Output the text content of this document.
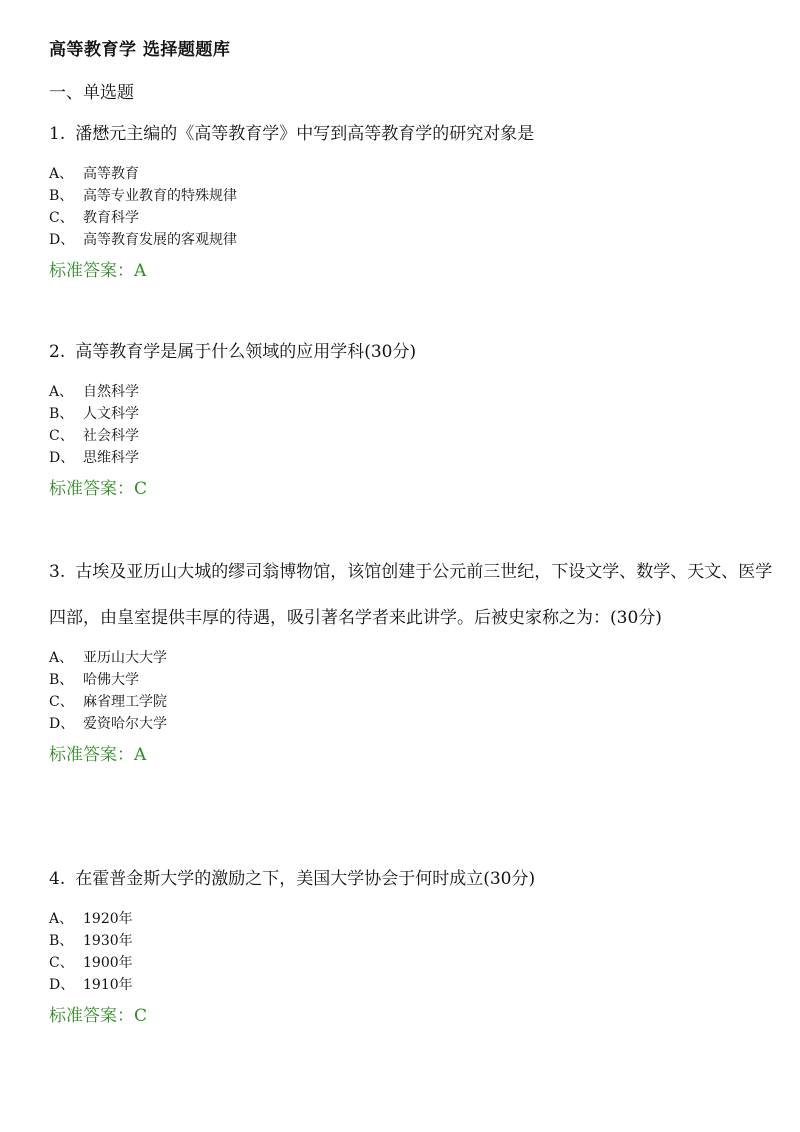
高等教育学 选择题题库
一、单选题

1. 潘懋元主编的《高等教育学》中写到高等教育学的研究对象是

A、 高等教育
B、 高等专业教育的特殊规律
C、 教育科学
D、 高等教育发展的客观规律
标准答案：A

2. 高等教育学是属于什么领域的应用学科(30分)

A、 自然科学
B、 人文科学
C、 社会科学
D、 思维科学
标准答案：C

3. 古埃及亚历山大城的缪司翁博物馆，该馆创建于公元前三世纪，下设文学、数学、天文、医学四部，由皇室提供丰厚的待遇，吸引著名学者来此讲学。后被史家称之为：(30分)

A、 亚历山大大学
B、 哈佛大学
C、 麻省理工学院
D、 爱资哈尔大学
标准答案：A

4. 在霍普金斯大学的激励之下，美国大学协会于何时成立(30分)

A、 1920年
B、 1930年
C、 1900年
D、 1910年
标准答案：C
